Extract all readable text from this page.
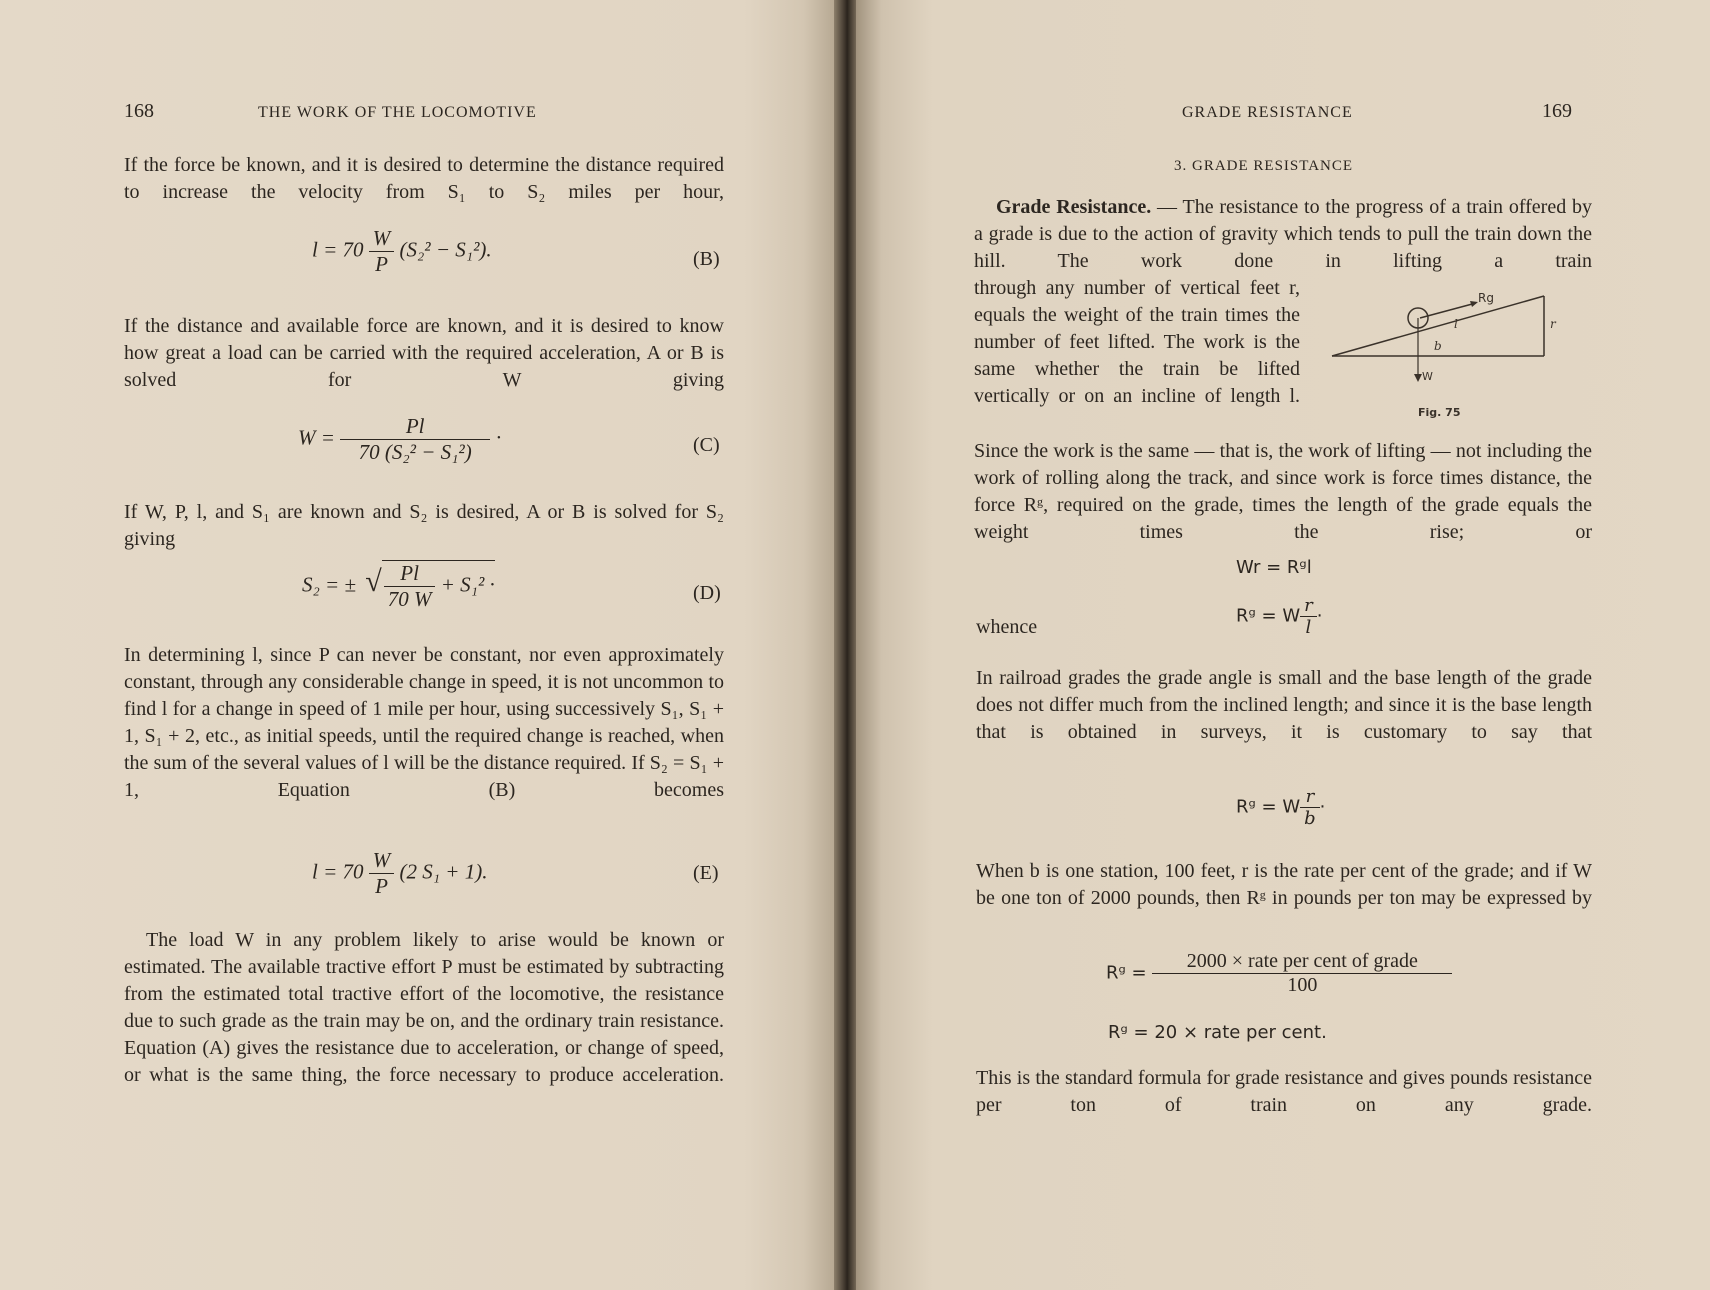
168	THE WORK OF THE LOCOMOTIVE

If the force be known, and it is desired to determine the distance required to increase the velocity from S₁ to S₂ miles per hour,

$l = 70 \frac{W}{P} (S_2^2 - S_1^2)$.	(B)

If the distance and available force are known, and it is desired to know how great a load can be carried with the required acceleration, A or B is solved for W giving

$W = \frac{Pl}{\text{70 (S₂² − S₁²)}}$ ·	(C)

If W, P, l, and S₁ are known and S₂ is desired, A or B is solved for S₂ giving

S₂ = ± √ $\frac{Pl}{70 W} + S_1^2$ ·	(D)

In determining l, since P can never be constant, nor even approximately constant, through any considerable change in speed, it is not uncommon to find l for a change in speed of 1 mile per hour, using successively S₁, S₁ + 1, S₁ + 2, etc., as initial speeds, until the required change is reached, when the sum of the several values of l will be the distance required. If S₂ = S₁ + 1, Equation (B) becomes

$l = 70 \frac{W}{P} (2$ S₁ + 1).	(E)

The load W in any problem likely to arise would be known or estimated. The available tractive effort P must be estimated by subtracting from the estimated total tractive effort of the locomotive, the resistance due to such grade as the train may be on, and the ordinary train resistance. Equation (A) gives the resistance due to acceleration, or change of speed, or what is the same thing, the force necessary to produce acceleration.

GRADE RESISTANCE	169
3. GRADE RESISTANCE

Grade Resistance. — The resistance to the progress of a train offered by a grade is due to the action of gravity which tends to pull the train down the hill. The work done in lifting a train

through any number of vertical feet r, equals the weight of the train times the number of feet lifted. The work is the same whether the train be lifted vertically or on an incline of length l.

Rg
l
b
r
W
Fig. 75

Since the work is the same — that is, the work of lifting — not including the work of rolling along the track, and since work is force times distance, the force Rᵍ, required on the grade, times the length of the grade equals the weight times the rise; or

Wr = Rᵍl
whence	Rᵍ = W $\frac{r}{l}$ ·

In railroad grades the grade angle is small and the base length of the grade does not differ much from the inclined length; and since it is the base length that is obtained in surveys, it is customary to say that

Rᵍ = W $\frac{r}{b}$ ·

When b is one station, 100 feet, r is the rate per cent of the grade; and if W be one ton of 2000 pounds, then Rᵍ in pounds per ton may be expressed by

Rᵍ = $\frac{\text{2000 × rate per cent of grade}}{100}$
Rᵍ = 20 × rate per cent.

This is the standard formula for grade resistance and gives pounds resistance per ton of train on any grade.
